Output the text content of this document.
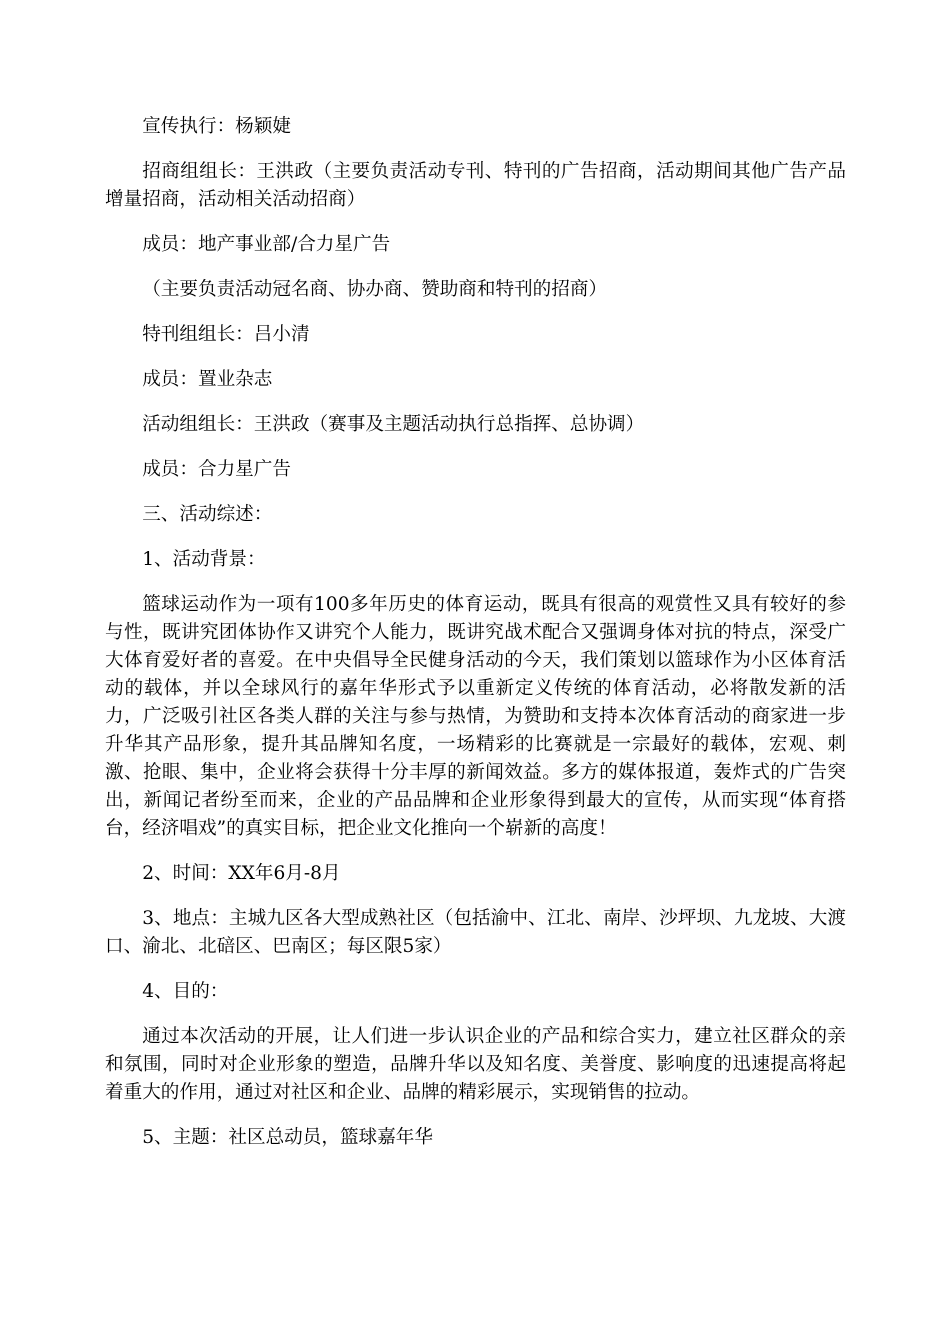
宣传执行：杨颖婕

招商组组长：王洪政（主要负责活动专刊、特刊的广告招商，活动期间其他广告产品增量招商，活动相关活动招商）

成员：地产事业部/合力星广告

（主要负责活动冠名商、协办商、赞助商和特刊的招商）

特刊组组长：吕小清

成员：置业杂志

活动组组长：王洪政（赛事及主题活动执行总指挥、总协调）

成员：合力星广告

三、活动综述：

1、活动背景：

篮球运动作为一项有100多年历史的体育运动，既具有很高的观赏性又具有较好的参与性，既讲究团体协作又讲究个人能力，既讲究战术配合又强调身体对抗的特点，深受广大体育爱好者的喜爱。在中央倡导全民健身活动的今天，我们策划以篮球作为小区体育活动的载体，并以全球风行的嘉年华形式予以重新定义传统的体育活动，必将散发新的活力，广泛吸引社区各类人群的关注与参与热情，为赞助和支持本次体育活动的商家进一步升华其产品形象，提升其品牌知名度，一场精彩的比赛就是一宗最好的载体，宏观、刺激、抢眼、集中，企业将会获得十分丰厚的新闻效益。多方的媒体报道，轰炸式的广告突出，新闻记者纷至而来，企业的产品品牌和企业形象得到最大的宣传，从而实现“体育搭台，经济唱戏”的真实目标，把企业文化推向一个崭新的高度！

2、时间：XX年6月-8月

3、地点：主城九区各大型成熟社区（包括渝中、江北、南岸、沙坪坝、九龙坡、大渡口、渝北、北碚区、巴南区；每区限5家）

4、目的：

通过本次活动的开展，让人们进一步认识企业的产品和综合实力，建立社区群众的亲和氛围，同时对企业形象的塑造，品牌升华以及知名度、美誉度、影响度的迅速提高将起着重大的作用，通过对社区和企业、品牌的精彩展示，实现销售的拉动。

5、主题：社区总动员，篮球嘉年华
